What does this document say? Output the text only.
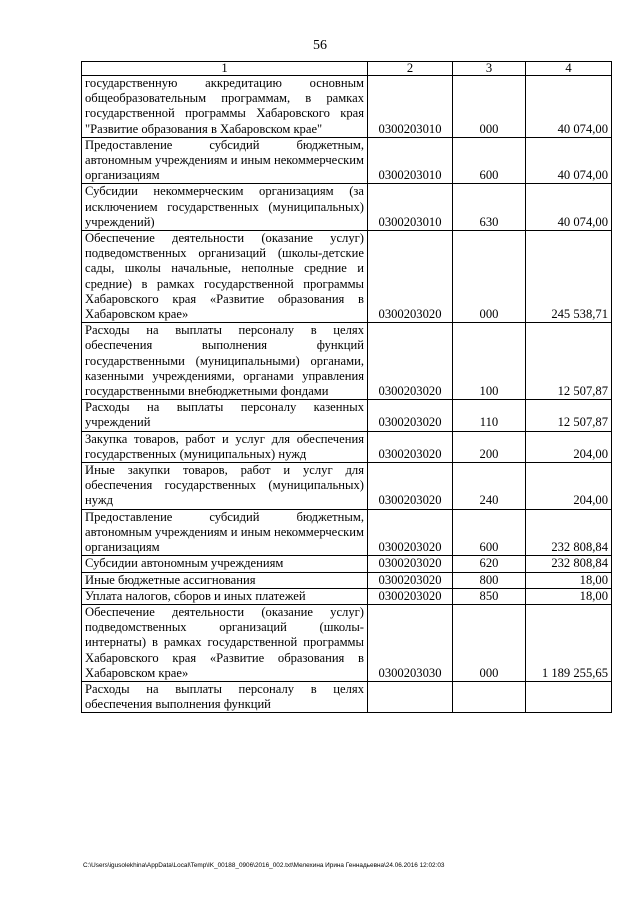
56
1	2	3	4
государственную аккредитацию основным общеобразовательным программам, в рамках государственной программы Хабаровского края "Развитие образования в Хабаровском крае"	0300203010	000	40 074,00
Предоставление субсидий бюджетным, автономным учреждениям и иным некоммерческим организациям	0300203010	600	40 074,00
Субсидии некоммерческим организациям (за исключением государственных (муниципальных) учреждений)	0300203010	630	40 074,00
Обеспечение деятельности (оказание услуг) подведомственных организаций (школы-детские сады, школы начальные, неполные средние и средние) в рамках государственной программы Хабаровского края «Развитие образования в Хабаровском крае»	0300203020	000	245 538,71
Расходы на выплаты персоналу в целях обеспечения выполнения функций государственными (муниципальными) органами, казенными учреждениями, органами управления государственными внебюджетными фондами	0300203020	100	12 507,87
Расходы на выплаты персоналу казенных учреждений	0300203020	110	12 507,87
Закупка товаров, работ и услуг для обеспечения государственных (муниципальных) нужд	0300203020	200	204,00
Иные закупки товаров, работ и услуг для обеспечения государственных (муниципальных) нужд	0300203020	240	204,00
Предоставление субсидий бюджетным, автономным учреждениям и иным некоммерческим организациям	0300203020	600	232 808,84
Субсидии автономным учреждениям	0300203020	620	232 808,84
Иные бюджетные ассигнования	0300203020	800	18,00
Уплата налогов, сборов и иных платежей	0300203020	850	18,00
Обеспечение деятельности (оказание услуг) подведомственных организаций (школы-интернаты) в рамках государственной программы Хабаровского края «Развитие образования в Хабаровском крае»	0300203030	000	1 189 255,65
Расходы на выплаты персоналу в целях обеспечения выполнения функций			
C:\Users\igusolekhina\AppData\Local\Temp\IK_00188_0906\2016_002.txt\Мелехина Ирина Геннадьевна\24.06.2016 12:02:03
